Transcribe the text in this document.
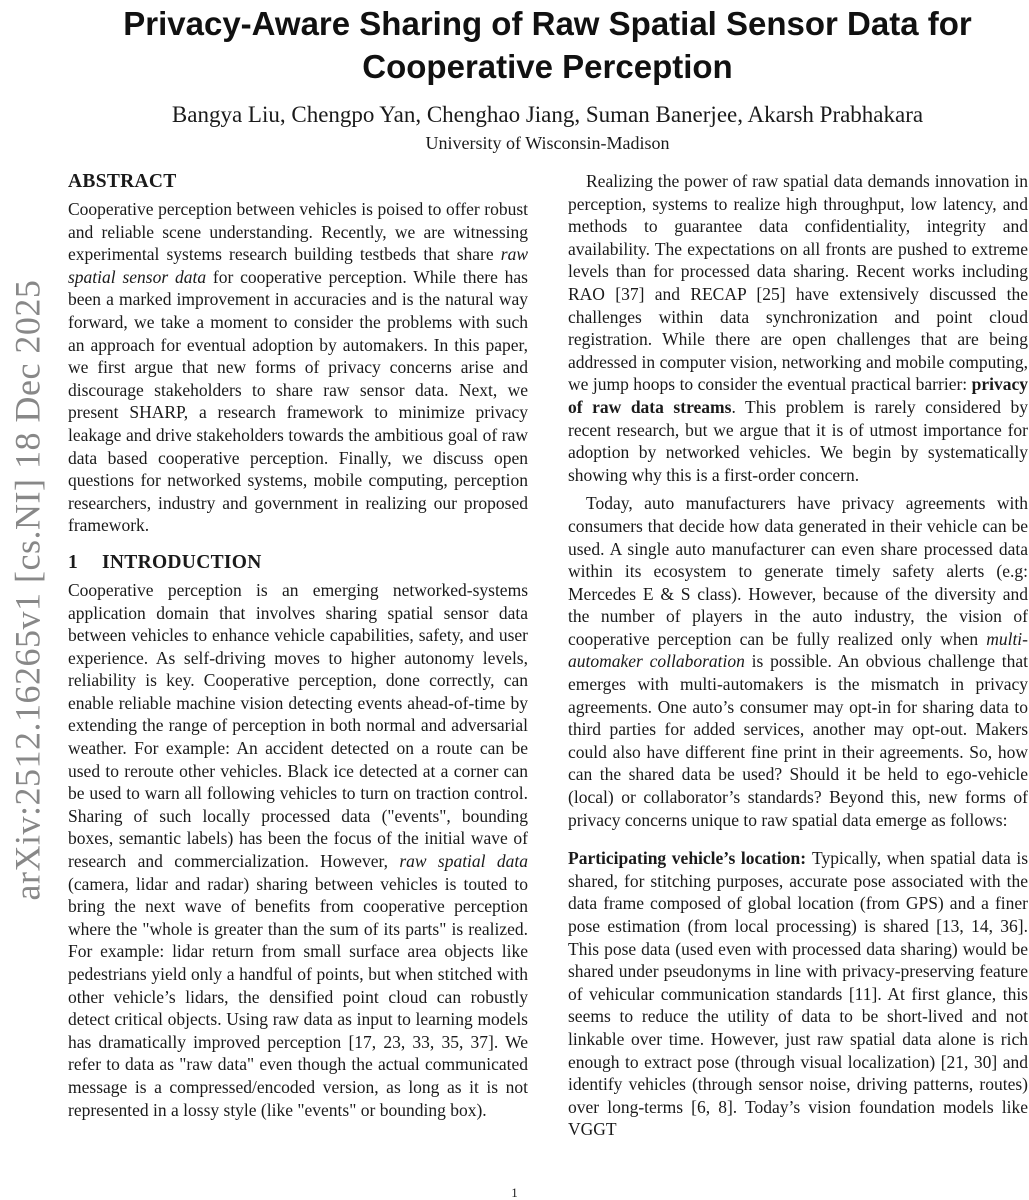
arXiv:2512.16265v1 [cs.NI] 18 Dec 2025
Privacy-Aware Sharing of Raw Spatial Sensor Data for Cooperative Perception
Bangya Liu, Chengpo Yan, Chenghao Jiang, Suman Banerjee, Akarsh Prabhakara
University of Wisconsin-Madison
ABSTRACT

Cooperative perception between vehicles is poised to offer robust and reliable scene understanding. Recently, we are witnessing experimental systems research building testbeds that share raw spatial sensor data for cooperative perception. While there has been a marked improvement in accuracies and is the natural way forward, we take a moment to consider the problems with such an approach for eventual adoption by automakers. In this paper, we first argue that new forms of privacy concerns arise and discourage stakeholders to share raw sensor data. Next, we present SHARP, a research framework to minimize privacy leakage and drive stakeholders towards the ambitious goal of raw data based cooperative perception. Finally, we discuss open questions for networked systems, mobile computing, perception researchers, industry and government in realizing our proposed framework.

1 INTRODUCTION

Cooperative perception is an emerging networked-systems application domain that involves sharing spatial sensor data between vehicles to enhance vehicle capabilities, safety, and user experience. As self-driving moves to higher autonomy levels, reliability is key. Cooperative perception, done correctly, can enable reliable machine vision detecting events ahead-of-time by extending the range of perception in both normal and adversarial weather. For example: An accident detected on a route can be used to reroute other vehicles. Black ice detected at a corner can be used to warn all following vehicles to turn on traction control. Sharing of such locally processed data ("events", bounding boxes, semantic labels) has been the focus of the initial wave of research and commercialization. However, raw spatial data (camera, lidar and radar) sharing between vehicles is touted to bring the next wave of benefits from cooperative perception where the "whole is greater than the sum of its parts" is realized. For example: lidar return from small surface area objects like pedestrians yield only a handful of points, but when stitched with other vehicle’s lidars, the densified point cloud can robustly detect critical objects. Using raw data as input to learning models has dramatically improved perception [17, 23, 33, 35, 37]. We refer to data as "raw data" even though the actual communicated message is a compressed/encoded version, as long as it is not represented in a lossy style (like "events" or bounding box).

Realizing the power of raw spatial data demands innovation in perception, systems to realize high throughput, low latency, and methods to guarantee data confidentiality, integrity and availability. The expectations on all fronts are pushed to extreme levels than for processed data sharing. Recent works including RAO [37] and RECAP [25] have extensively discussed the challenges within data synchronization and point cloud registration. While there are open challenges that are being addressed in computer vision, networking and mobile computing, we jump hoops to consider the eventual practical barrier: privacy of raw data streams. This problem is rarely considered by recent research, but we argue that it is of utmost importance for adoption by networked vehicles. We begin by systematically showing why this is a first-order concern.

Today, auto manufacturers have privacy agreements with consumers that decide how data generated in their vehicle can be used. A single auto manufacturer can even share processed data within its ecosystem to generate timely safety alerts (e.g: Mercedes E & S class). However, because of the diversity and the number of players in the auto industry, the vision of cooperative perception can be fully realized only when multi-automaker collaboration is possible. An obvious challenge that emerges with multi-automakers is the mismatch in privacy agreements. One auto’s consumer may opt-in for sharing data to third parties for added services, another may opt-out. Makers could also have different fine print in their agreements. So, how can the shared data be used? Should it be held to ego-vehicle (local) or collaborator’s standards? Beyond this, new forms of privacy concerns unique to raw spatial data emerge as follows:

Participating vehicle’s location: Typically, when spatial data is shared, for stitching purposes, accurate pose associated with the data frame composed of global location (from GPS) and a finer pose estimation (from local processing) is shared [13, 14, 36]. This pose data (used even with processed data sharing) would be shared under pseudonyms in line with privacy-preserving feature of vehicular communication standards [11]. At first glance, this seems to reduce the utility of data to be short-lived and not linkable over time. However, just raw spatial data alone is rich enough to extract pose (through visual localization) [21, 30] and identify vehicles (through sensor noise, driving patterns, routes) over long-terms [6, 8]. Today’s vision foundation models like VGGT

1
